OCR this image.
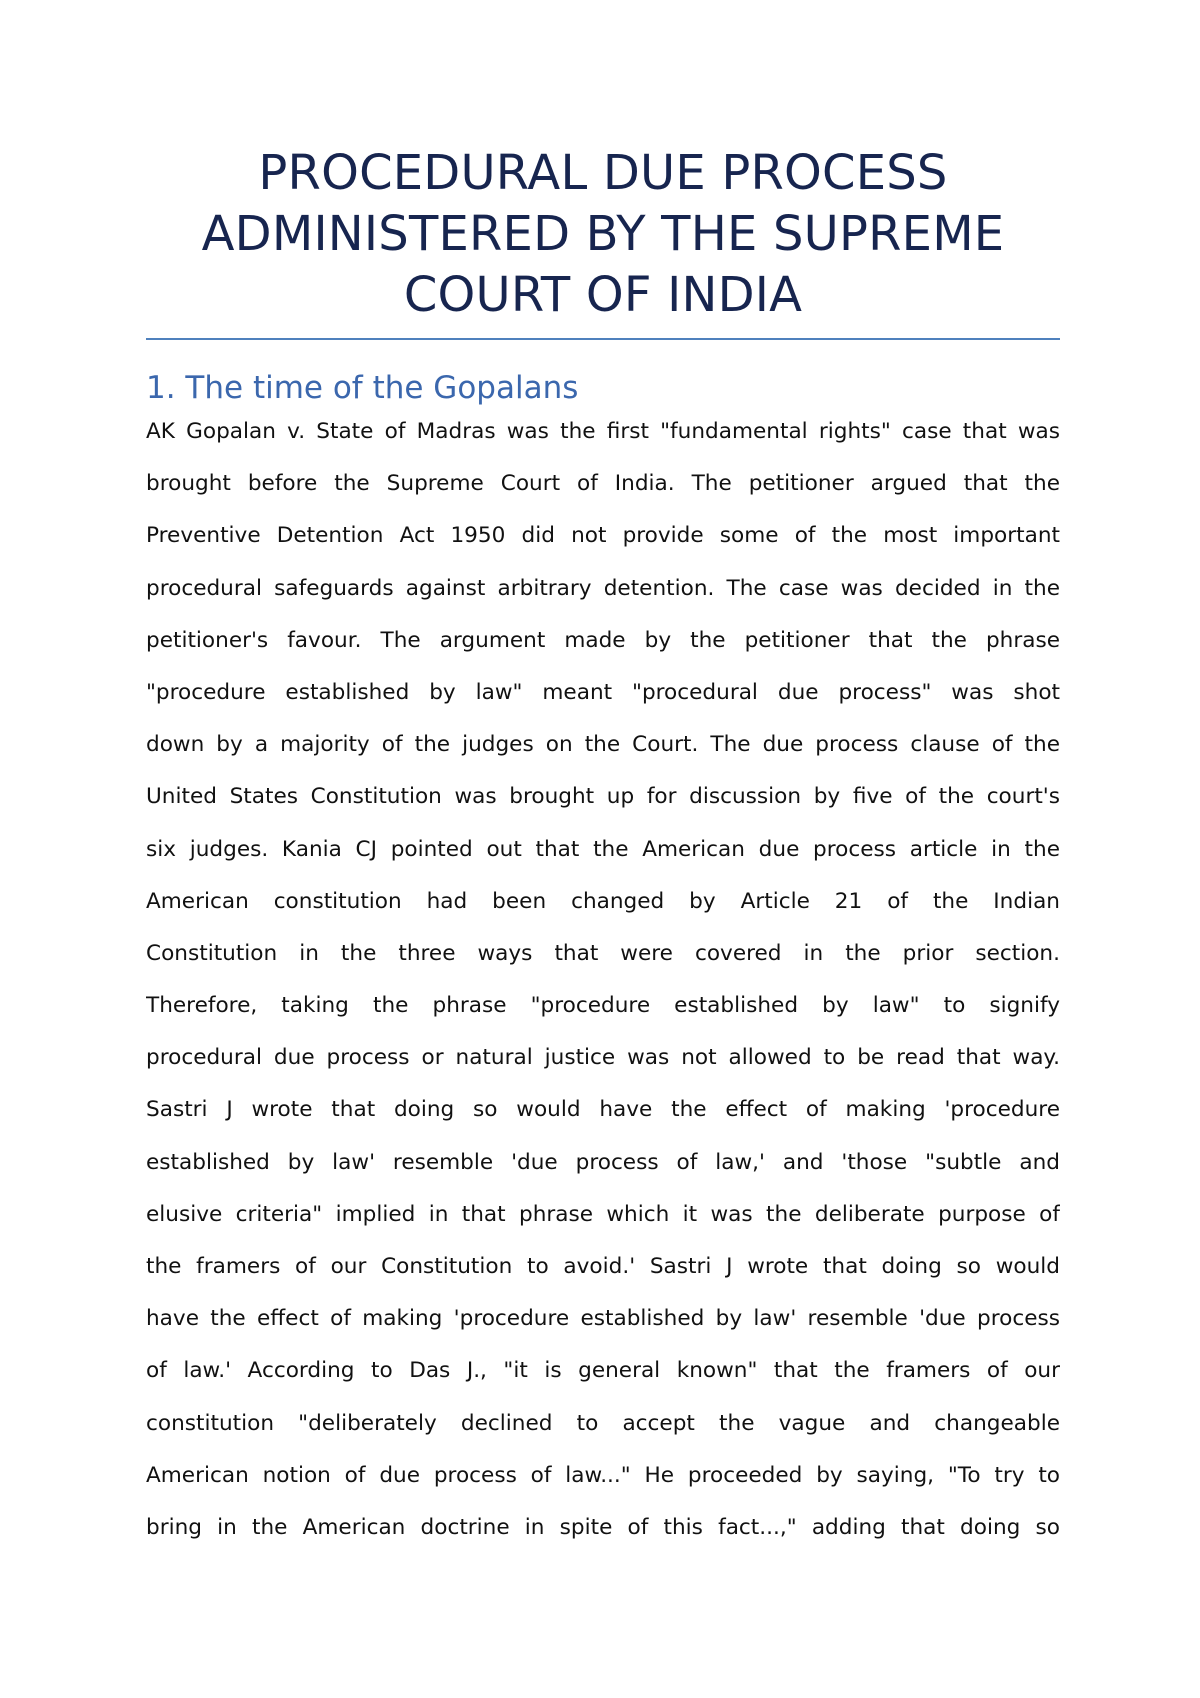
PROCEDURAL DUE PROCESS ADMINISTERED BY THE SUPREME COURT OF INDIA
1. The time of the Gopalans
AK Gopalan v. State of Madras was the first "fundamental rights" case that was
brought before the Supreme Court of India. The petitioner argued that the
Preventive Detention Act 1950 did not provide some of the most important
procedural safeguards against arbitrary detention. The case was decided in the
petitioner's favour. The argument made by the petitioner that the phrase
"procedure established by law" meant "procedural due process" was shot
down by a majority of the judges on the Court. The due process clause of the
United States Constitution was brought up for discussion by five of the court's
six judges. Kania CJ pointed out that the American due process article in the
American constitution had been changed by Article 21 of the Indian
Constitution in the three ways that were covered in the prior section.
Therefore, taking the phrase "procedure established by law" to signify
procedural due process or natural justice was not allowed to be read that way.
Sastri J wrote that doing so would have the effect of making 'procedure
established by law' resemble 'due process of law,' and 'those "subtle and
elusive criteria" implied in that phrase which it was the deliberate purpose of
the framers of our Constitution to avoid.' Sastri J wrote that doing so would
have the effect of making 'procedure established by law' resemble 'due process
of law.' According to Das J., "it is general known" that the framers of our
constitution "deliberately declined to accept the vague and changeable
American notion of due process of law..." He proceeded by saying, "To try to
bring in the American doctrine in spite of this fact...," adding that doing so
